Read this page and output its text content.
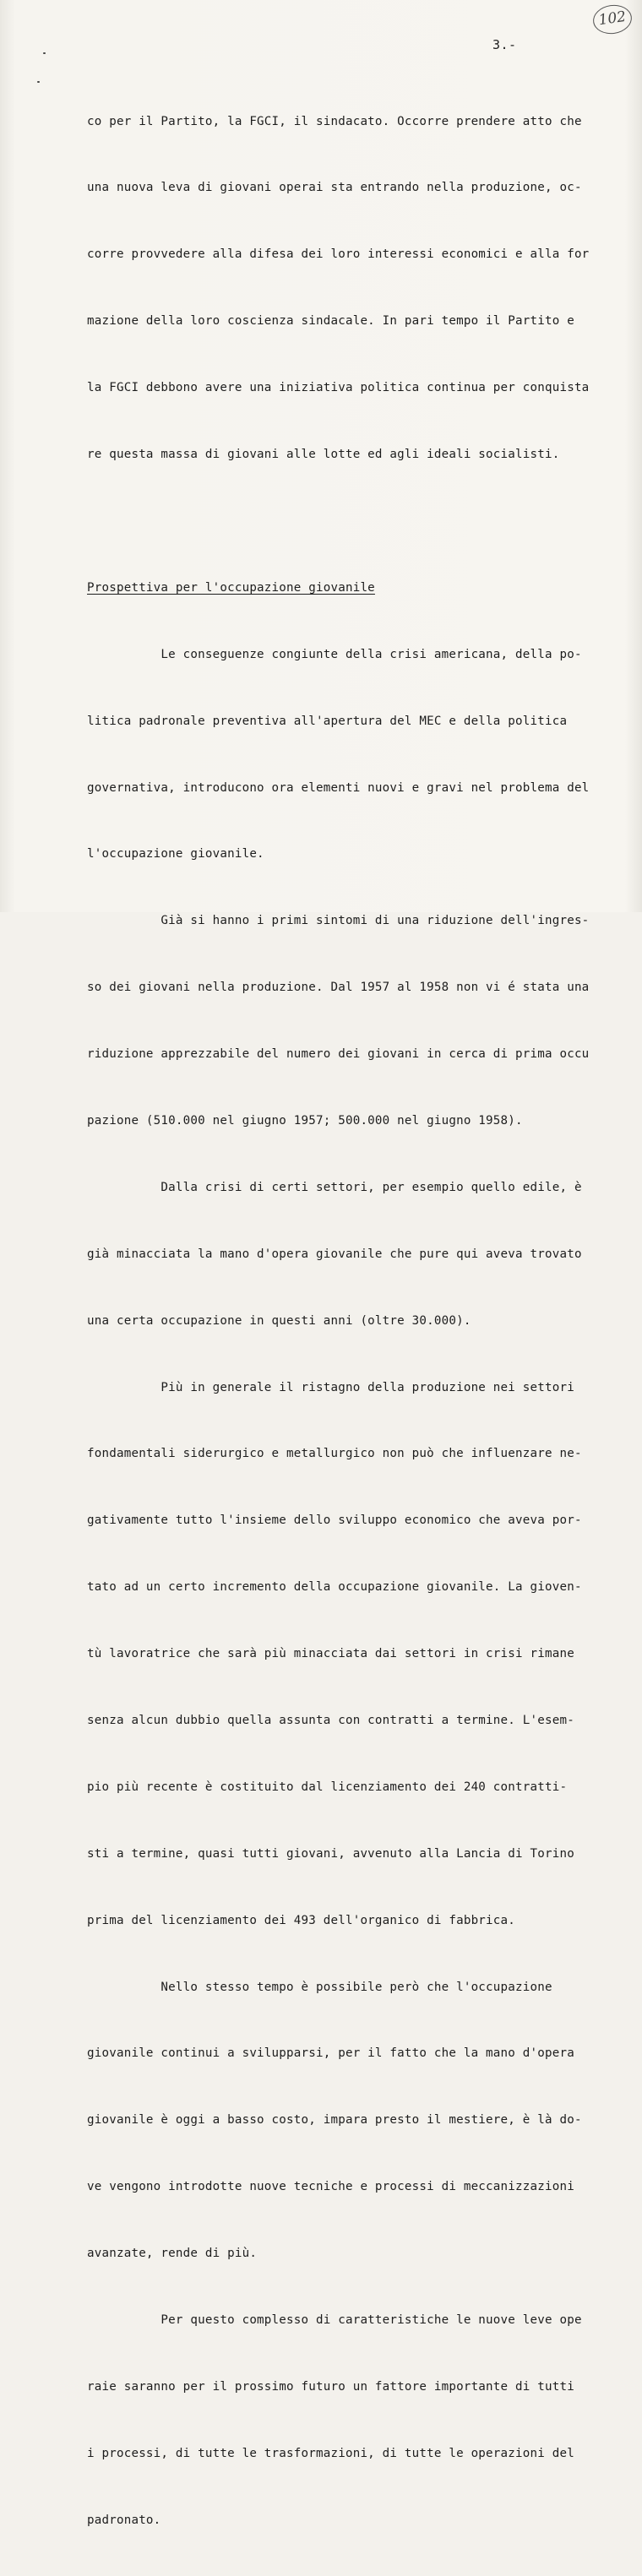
102
3.-

co per il Partito, la FGCI, il sindacato. Occorre prendere atto che

una nuova leva di giovani operai sta entrando nella produzione, oc-

corre provvedere alla difesa dei loro interessi economici e alla for

mazione della loro coscienza sindacale. In pari tempo il Partito e

la FGCI debbono avere una iniziativa politica continua per conquista

re questa massa di giovani alle lotte ed agli ideali socialisti.

Prospettiva per l'occupazione giovanile

Le conseguenze congiunte della crisi americana, della po-

litica padronale preventiva all'apertura del MEC e della politica

governativa, introducono ora elementi nuovi e gravi nel problema del

l'occupazione giovanile.

Già si hanno i primi sintomi di una riduzione dell'ingres-

so dei giovani nella produzione. Dal 1957 al 1958 non vi é stata una

riduzione apprezzabile del numero dei giovani in cerca di prima occu

pazione (510.000 nel giugno 1957; 500.000 nel giugno 1958).

Dalla crisi di certi settori, per esempio quello edile, è

già minacciata la mano d'opera giovanile che pure qui aveva trovato

una certa occupazione in questi anni (oltre 30.000).

Più in generale il ristagno della produzione nei settori

fondamentali siderurgico e metallurgico non può che influenzare ne-

gativamente tutto l'insieme dello sviluppo economico che aveva por-

tato ad un certo incremento della occupazione giovanile. La gioven-

tù lavoratrice che sarà più minacciata dai settori in crisi rimane

senza alcun dubbio quella assunta con contratti a termine. L'esem-

pio più recente è costituito dal licenziamento dei 240 contratti-

sti a termine, quasi tutti giovani, avvenuto alla Lancia di Torino

prima del licenziamento dei 493 dell'organico di fabbrica.

Nello stesso tempo è possibile però che l'occupazione

giovanile continui a svilupparsi, per il fatto che la mano d'opera

giovanile è oggi a basso costo, impara presto il mestiere, è là do-

ve vengono introdotte nuove tecniche e processi di meccanizzazioni

avanzate, rende di più.

Per questo complesso di caratteristiche le nuove leve ope

raie saranno per il prossimo futuro un fattore importante di tutti

i processi, di tutte le trasformazioni, di tutte le operazioni del

padronato.
